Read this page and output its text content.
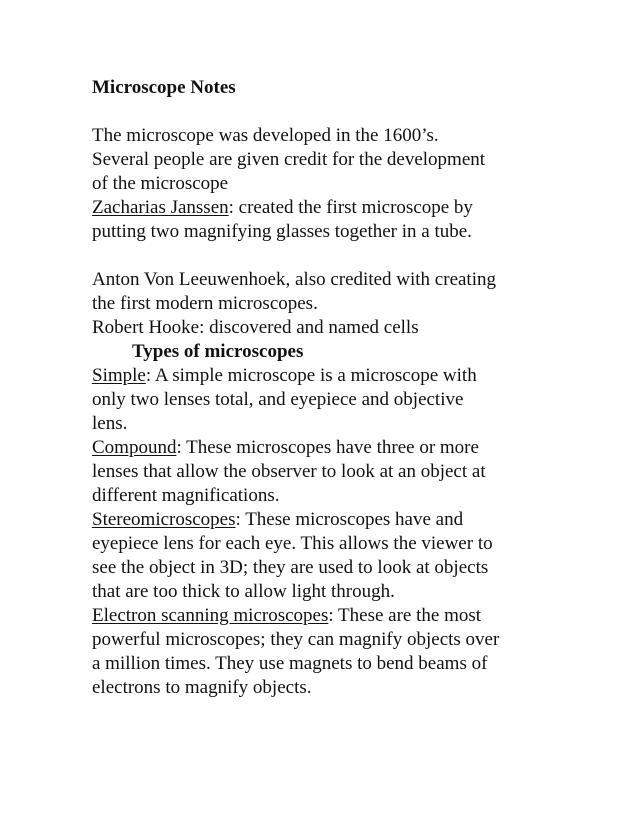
Microscope Notes

The microscope was developed in the 1600’s.

Several people are given credit for the development

of the microscope

Zacharias Janssen: created the first microscope by

putting two magnifying glasses together in a tube.

Anton Von Leeuwenhoek, also credited with creating

the first modern microscopes.

Robert Hooke: discovered and named cells

Types of microscopes

Simple: A simple microscope is a microscope with

only two lenses total, and eyepiece and objective

lens.

Compound: These microscopes have three or more

lenses that allow the observer to look at an object at

different magnifications.

Stereomicroscopes: These microscopes have and

eyepiece lens for each eye. This allows the viewer to

see the object in 3D; they are used to look at objects

that are too thick to allow light through.

Electron scanning microscopes: These are the most

powerful microscopes; they can magnify objects over

a million times. They use magnets to bend beams of

electrons to magnify objects.
